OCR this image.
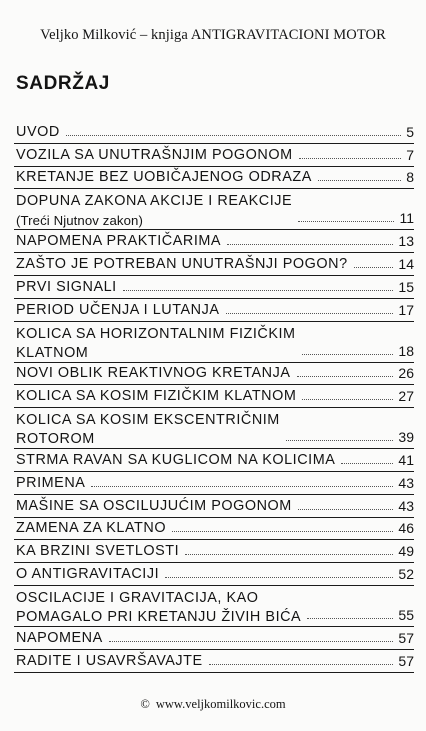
Veljko Milković – knjiga ANTIGRAVITACIONI MOTOR
SADRŽAJ
UVOD	5
VOZILA SA UNUTRAŠNJIM POGONOM	7
KRETANJE BEZ UOBIČAJENOG ODRAZA	8
DOPUNA ZAKONA AKCIJE I REAKCIJE
(Treći Njutnov zakon)	11
NAPOMENA PRAKTIČARIMA	13
ZAŠTO JE POTREBAN UNUTRAŠNJI POGON?	14
PRVI SIGNALI	15
PERIOD UČENJA I LUTANJA	17
KOLICA SA HORIZONTALNIM FIZIČKIM
KLATNOM	18
NOVI OBLIK REAKTIVNOG KRETANJA	26
KOLICA SA KOSIM FIZIČKIM KLATNOM	27
KOLICA SA KOSIM EKSCENTRIČNIM
ROTOROM	39
STRMA RAVAN SA KUGLICOM NA KOLICIMA	41
PRIMENA	43
MAŠINE SA OSCILUJUĆIM POGONOM	43
ZAMENA ZA KLATNO	46
KA BRZINI SVETLOSTI	49
O ANTIGRAVITACIJI	52
OSCILACIJE I GRAVITACIJA, KAO
POMAGALO PRI KRETANJU ŽIVIH BIĆA	55
NAPOMENA	57
RADITE I USAVRŠAVAJTE	57
© www.veljkomilkovic.com
